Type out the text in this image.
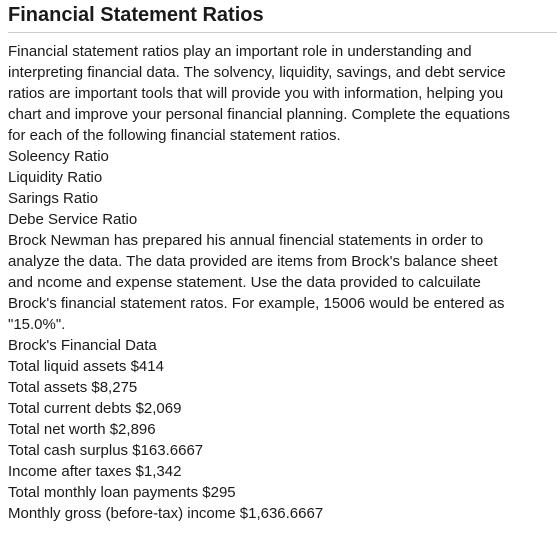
Financial Statement Ratios

Financial statement ratios play an important role in understanding and

interpreting financial data. The solvency, liquidity, savings, and debt service

ratios are important tools that will provide you with information, helping you

chart and improve your personal financial planning. Complete the equations

for each of the following financial statement ratios.

Soleency Ratio

Liquidity Ratio

Sarings Ratio

Debe Service Ratio

Brock Newman has prepared his annual finencial statements in order to

analyze the data. The data provided are items from Brock's balance sheet

and ncome and expense statement. Use the data provided to calcuilate

Brock's financial statement ratos. For example, 15006 would be entered as

"15.0%".

Brock's Financial Data

Total liquid assets $414

Total assets $8,275

Total current debts $2,069

Total net worth $2,896

Total cash surplus $163.6667

Income after taxes $1,342

Total monthly loan payments $295

Monthly gross (before-tax) income $1,636.6667
